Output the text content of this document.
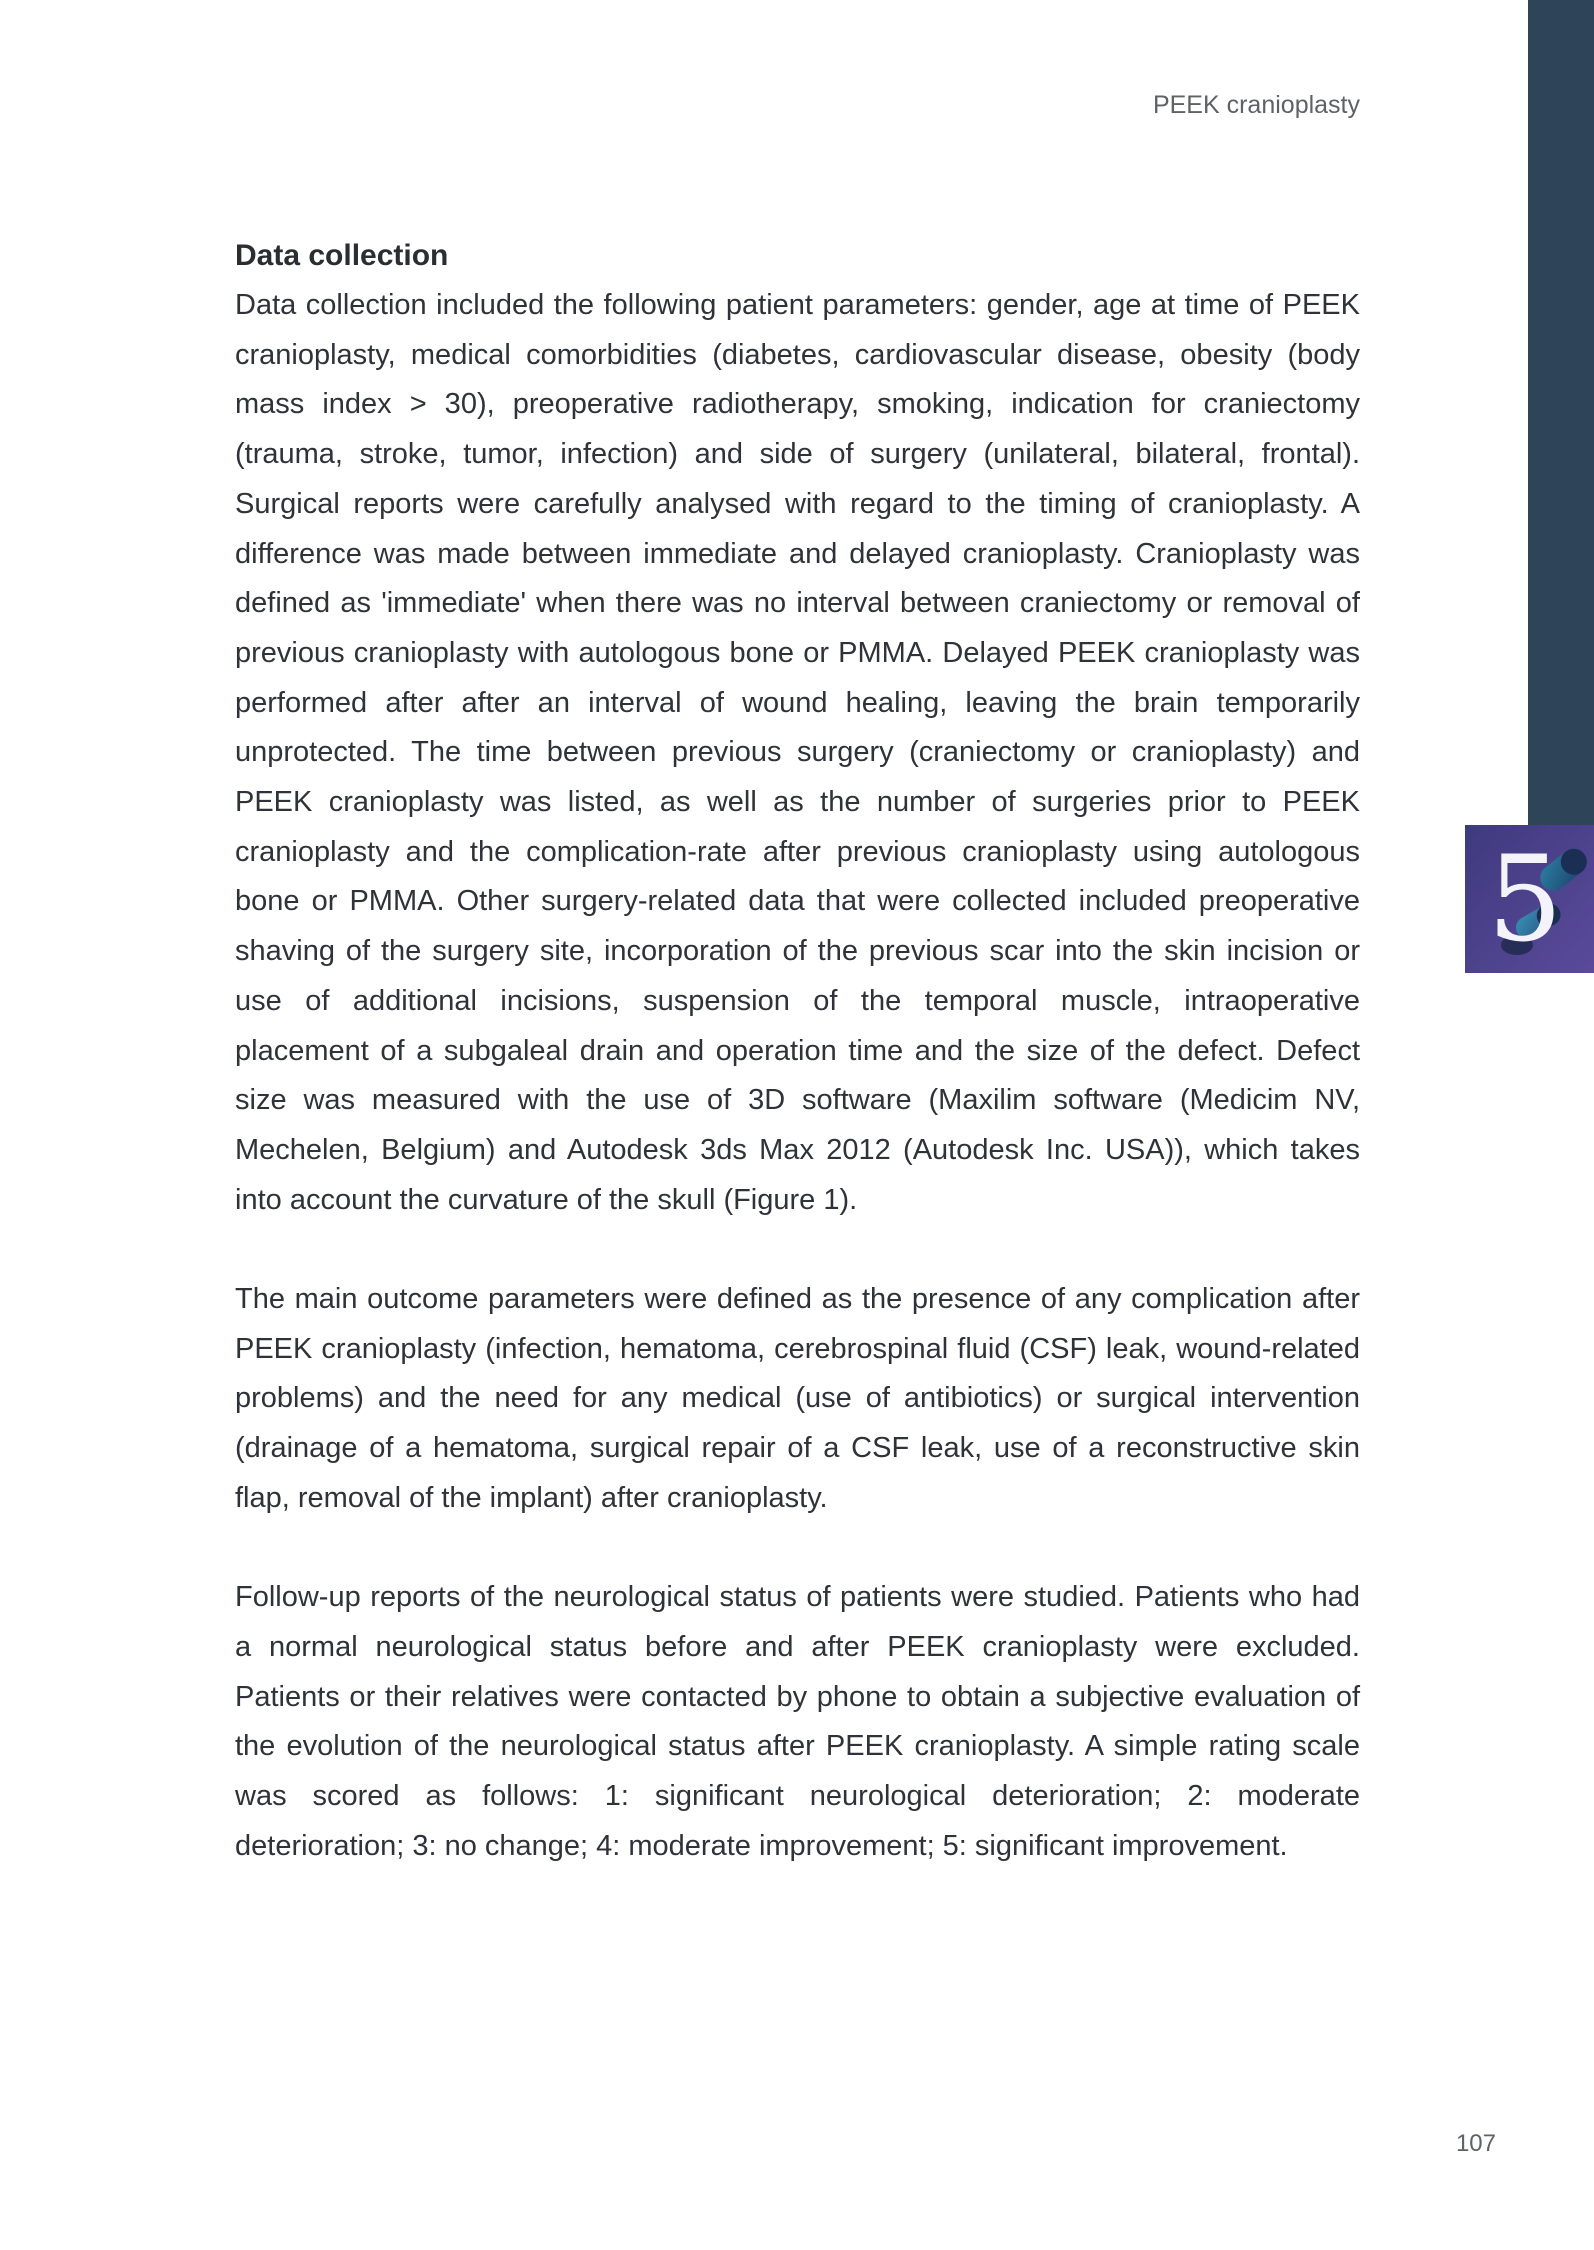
5
PEEK cranioplasty
Data collection

Data collection included the following patient parameters: gender, age at time of PEEK cranioplasty, medical comorbidities (diabetes, cardiovascular disease, obesity (body mass index > 30), preoperative radiotherapy, smoking, indication for craniectomy (trauma, stroke, tumor, infection) and side of surgery (unilateral, bilateral, frontal). Surgical reports were carefully analysed with regard to the timing of cranioplasty. A difference was made between immediate and delayed cranioplasty. Cranioplasty was defined as 'immediate' when there was no interval between craniectomy or removal of previous cranioplasty with autologous bone or PMMA. Delayed PEEK cranioplasty was performed after after an interval of wound healing, leaving the brain temporarily unprotected. The time between previous surgery (craniectomy or cranioplasty) and PEEK cranioplasty was listed, as well as the number of surgeries prior to PEEK cranioplasty and the complication-rate after previous cranioplasty using autologous bone or PMMA. Other surgery-related data that were collected included preoperative shaving of the surgery site, incorporation of the previous scar into the skin incision or use of additional incisions, suspension of the temporal muscle, intraoperative placement of a subgaleal drain and operation time and the size of the defect. Defect size was measured with the use of 3D software (Maxilim software (Medicim NV, Mechelen, Belgium) and Autodesk 3ds Max 2012 (Autodesk Inc. USA)), which takes into account the curvature of the skull (Figure 1).

The main outcome parameters were defined as the presence of any complication after PEEK cranioplasty (infection, hematoma, cerebrospinal fluid (CSF) leak, wound-related problems) and the need for any medical (use of antibiotics) or surgical intervention (drainage of a hematoma, surgical repair of a CSF leak, use of a reconstructive skin flap, removal of the implant) after cranioplasty.

Follow-up reports of the neurological status of patients were studied. Patients who had a normal neurological status before and after PEEK cranioplasty were excluded. Patients or their relatives were contacted by phone to obtain a subjective evaluation of the evolution of the neurological status after PEEK cranioplasty. A simple rating scale was scored as follows: 1: significant neurological deterioration; 2: moderate deterioration; 3: no change; 4: moderate improvement; 5: significant improvement.

107
